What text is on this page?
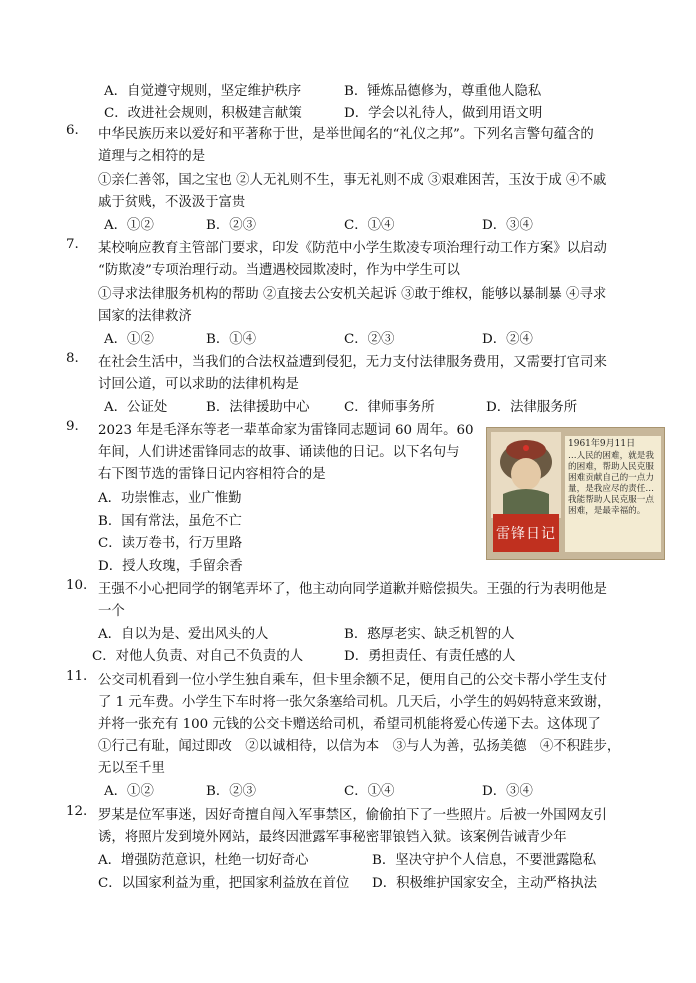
A．自觉遵守规则，坚定维护秩序	B．锤炼品德修为，尊重他人隐私
C．改进社会规则，积极建言献策	D．学会以礼待人，做到用语文明
6. 中华民族历来以爱好和平著称于世，是举世闻名的“礼仪之邦”。下列名言警句蕴含的
道理与之相符的是
①亲仁善邻，国之宝也 ②人无礼则不生，事无礼则不成 ③艰难困苦，玉汝于成 ④不戚
戚于贫贱，不汲汲于富贵
A．①②	B．②③	C．①④	D．③④
7. 某校响应教育主管部门要求，印发《防范中小学生欺凌专项治理行动工作方案》以启动
“防欺凌”专项治理行动。当遭遇校园欺凌时，作为中学生可以
①寻求法律服务机构的帮助 ②直接去公安机关起诉 ③敢于维权，能够以暴制暴 ④寻求
国家的法律救济
A．①②	B．①④	C．②③	D．②④
8. 在社会生活中，当我们的合法权益遭到侵犯，无力支付法律服务费用，又需要打官司来
讨回公道，可以求助的法律机构是
A．公证处	B．法律援助中心	C．律师事务所	D．法律服务所
9. 2023 年是毛泽东等老一辈革命家为雷锋同志题词 60 周年。60
年间，人们讲述雷锋同志的故事、诵读他的日记。以下名句与
右下图节选的雷锋日记内容相符合的是
A．功崇惟志，业广惟勤
B．国有常法，虽危不亡
C．读万卷书，行万里路
D．授人玫瑰，手留余香
雷锋日记
1961年9月11日
…人民的困难，就是我的困难，帮助人民克服困难贡献自己的一点力量，是我应尽的责任…我能帮助人民克服一点困难，是最幸福的。
10. 王强不小心把同学的钢笔弄坏了，他主动向同学道歉并赔偿损失。王强的行为表明他是
一个
A．自以为是、爱出风头的人	B．憨厚老实、缺乏机智的人
C．对他人负责、对自己不负责的人	D．勇担责任、有责任感的人
11. 公交司机看到一位小学生独自乘车，但卡里余额不足，便用自己的公交卡帮小学生支付
了 1 元车费。小学生下车时将一张欠条塞给司机。几天后，小学生的妈妈特意来致谢，
并将一张充有 100 元钱的公交卡赠送给司机，希望司机能将爱心传递下去。这体现了
①行己有耻，闻过即改　②以诚相待，以信为本　③与人为善，弘扬美德　④不积跬步，
无以至千里
A．①②	B．②③	C．①④	D．③④
12. 罗某是位军事迷，因好奇擅自闯入军事禁区，偷偷拍下了一些照片。后被一外国网友引
诱，将照片发到境外网站，最终因泄露军事秘密罪锒铛入狱。该案例告诫青少年
A．增强防范意识，杜绝一切好奇心	B．坚决守护个人信息，不要泄露隐私
C．以国家利益为重，把国家利益放在首位 D．积极维护国家安全，主动严格执法
